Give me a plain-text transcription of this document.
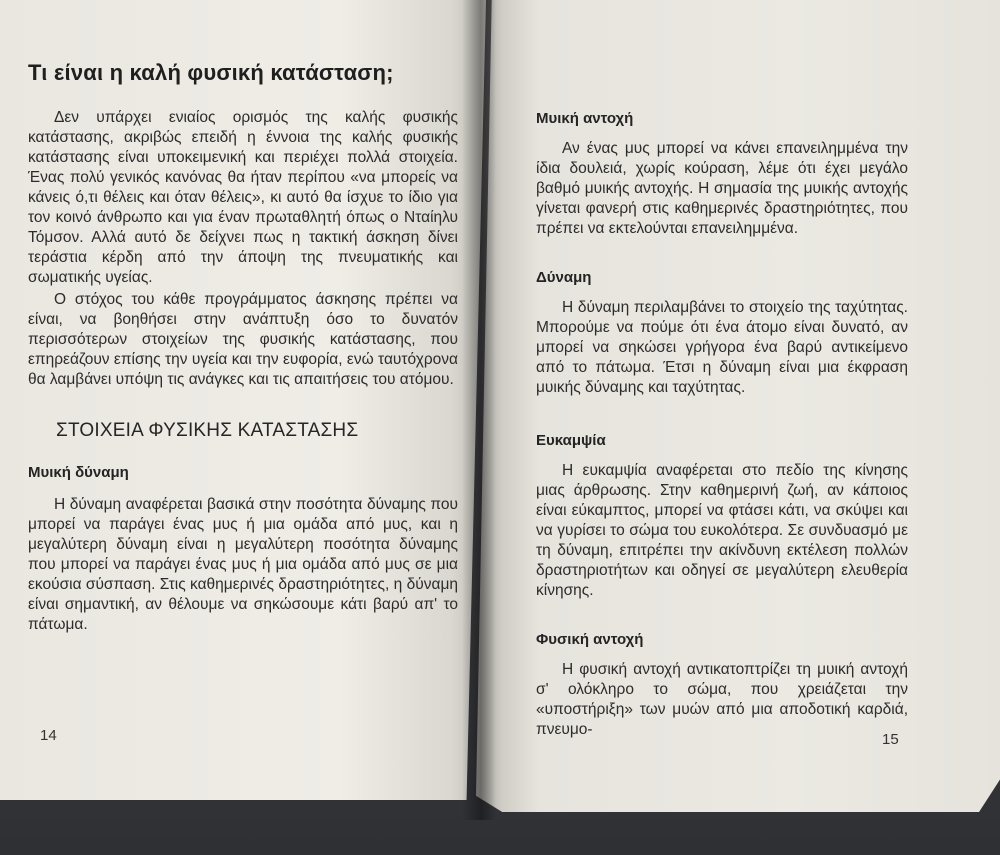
Τι είναι η καλή φυσική κατάσταση;

Δεν υπάρχει ενιαίος ορισμός της καλής φυσικής κατάστασης, ακριβώς επειδή η έννοια της καλής φυσικής κατάστασης είναι υποκειμενική και περιέχει πολλά στοιχεία. Ένας πολύ γενικός κανόνας θα ήταν περίπου «να μπορείς να κάνεις ό,τι θέλεις και όταν θέλεις», κι αυτό θα ίσχυε το ίδιο για τον κοινό άνθρωπο και για έναν πρωταθλητή όπως ο Νταίηλυ Τόμσον. Αλλά αυτό δε δείχνει πως η τακτική άσκηση δίνει τεράστια κέρδη από την άποψη της πνευματικής και σωματικής υγείας.

Ο στόχος του κάθε προγράμματος άσκησης πρέπει να είναι, να βοηθήσει στην ανάπτυξη όσο το δυνατόν περισσότερων στοιχείων της φυσικής κατάστασης, που επηρεάζουν επίσης την υγεία και την ευφορία, ενώ ταυτόχρονα θα λαμβάνει υπόψη τις ανάγκες και τις απαιτήσεις του ατόμου.

ΣΤΟΙΧΕΙΑ ΦΥΣΙΚΗΣ ΚΑΤΑΣΤΑΣΗΣ
Μυική δύναμη

Η δύναμη αναφέρεται βασικά στην ποσότητα δύναμης που μπορεί να παράγει ένας μυς ή μια ομάδα από μυς, και η μεγαλύτερη δύναμη είναι η μεγαλύτερη ποσότητα δύναμης που μπορεί να παράγει ένας μυς ή μια ομάδα από μυς σε μια εκούσια σύσπαση. Στις καθημερινές δραστηριότητες, η δύναμη είναι σημαντική, αν θέλουμε να σηκώσουμε κάτι βαρύ απ' το πάτωμα.

14
Μυική αντοχή

Αν ένας μυς μπορεί να κάνει επανειλημμένα την ίδια δουλειά, χωρίς κούραση, λέμε ότι έχει μεγάλο βαθμό μυικής αντοχής. Η σημασία της μυικής αντοχής γίνεται φανερή στις καθημερινές δραστηριότητες, που πρέπει να εκτελούνται επανειλημμένα.

Δύναμη

Η δύναμη περιλαμβάνει το στοιχείο της ταχύτητας. Μπορούμε να πούμε ότι ένα άτομο είναι δυνατό, αν μπορεί να σηκώσει γρήγορα ένα βαρύ αντικείμενο από το πάτωμα. Έτσι η δύναμη είναι μια έκφραση μυικής δύναμης και ταχύτητας.

Ευκαμψία

Η ευκαμψία αναφέρεται στο πεδίο της κίνησης μιας άρθρωσης. Στην καθημερινή ζωή, αν κάποιος είναι εύκαμπτος, μπορεί να φτάσει κάτι, να σκύψει και να γυρίσει το σώμα του ευκολότερα. Σε συνδυασμό με τη δύναμη, επιτρέπει την ακίνδυνη εκτέλεση πολλών δραστηριοτήτων και οδηγεί σε μεγαλύτερη ελευθερία κίνησης.

Φυσική αντοχή

Η φυσική αντοχή αντικατοπτρίζει τη μυική αντοχή σ' ολόκληρο το σώμα, που χρειάζεται την «υποστήριξη» των μυών από μια αποδοτική καρδιά, πνευμο-

15
